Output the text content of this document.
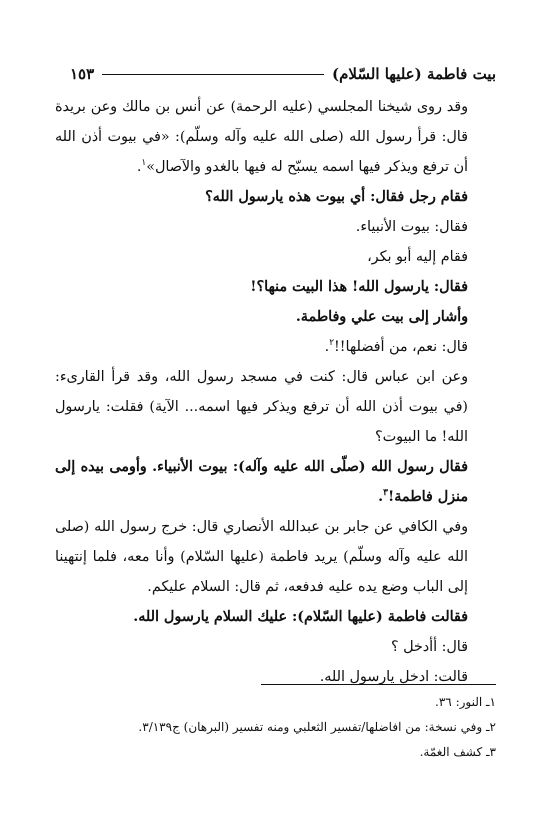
بيت فاطمة (عليها السّلام)
١٥٣

وقد روى شيخنا المجلسي (عليه الرحمة) عن أنس بن مالك وعن بريدة قال: قرأ رسول الله (صلى الله عليه وآله وسلّم): «في بيوت أذن الله أن ترفع ويذكر فيها اسمه يسبّح له فيها بالغدو والآصال»$^١$.

فقام رجل فقال: أي بيوت هذه يارسول الله؟

فقال: بيوت الأنبياء.

فقام إليه أبو بكر،

فقال: يارسول الله! هذا البيت منها؟!

وأشار إلى بيت علي وفاطمة.

قال: نعم، من أفضلها!!$^٢$.

وعن ابن عباس قال: كنت في مسجد رسول الله، وقد قرأ القارىء: (في بيوت أذن الله أن ترفع ويذكر فيها اسمه... الآية) فقلت: يارسول الله! ما البيوت؟

فقال رسول الله (صلّى الله عليه وآله): بيوت الأنبياء. وأومى بيده إلى منزل فاطمة!$^٣$.

وفي الكافي عن جابر بن عبدالله الأنصاري قال: خرج رسول الله (صلى الله عليه وآله وسلّم) يريد فاطمة (عليها السّلام) وأنا معه، فلما إنتهينا إلى الباب وضع يده عليه فدفعه، ثم قال: السلام عليكم.

فقالت فاطمة (عليها السّلام): عليك السلام يارسول الله.

قال: أأدخل ؟

قالت: ادخل يارسول الله.

١ـ النور: ٣٦.

٢ـ وفي نسخة: من افاضلها/تفسير الثعلبي ومنه تفسير (البرهان) ج٣/١٣٩.

٣ـ كشف الغمّة.
